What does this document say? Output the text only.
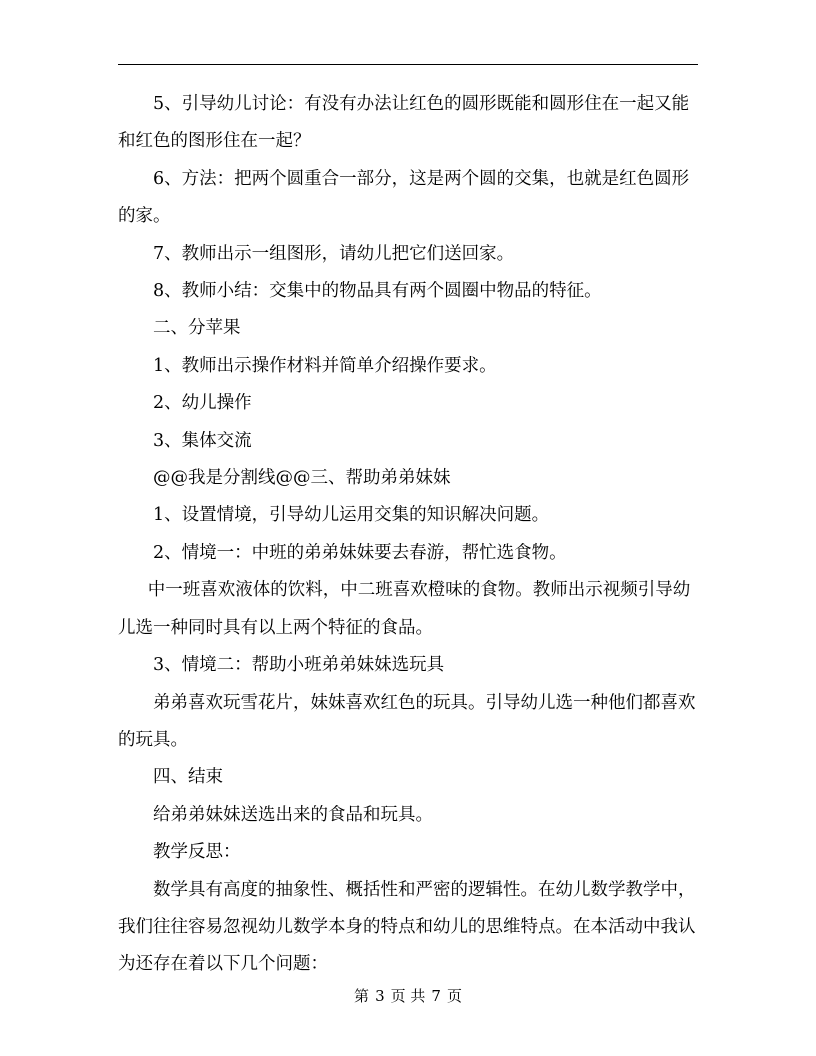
5、引导幼儿讨论：有没有办法让红色的圆形既能和圆形住在一起又能和红色的图形住在一起？

6、方法：把两个圆重合一部分，这是两个圆的交集，也就是红色圆形的家。

7、教师出示一组图形，请幼儿把它们送回家。

8、教师小结：交集中的物品具有两个圆圈中物品的特征。

二、分苹果

1、教师出示操作材料并简单介绍操作要求。

2、幼儿操作

3、集体交流

@@我是分割线@@三、帮助弟弟妹妹

1、设置情境，引导幼儿运用交集的知识解决问题。

2、情境一：中班的弟弟妹妹要去春游，帮忙选食物。

中一班喜欢液体的饮料，中二班喜欢橙味的食物。教师出示视频引导幼儿选一种同时具有以上两个特征的食品。

3、情境二：帮助小班弟弟妹妹选玩具

弟弟喜欢玩雪花片，妹妹喜欢红色的玩具。引导幼儿选一种他们都喜欢的玩具。

四、结束

给弟弟妹妹送选出来的食品和玩具。

教学反思：

数学具有高度的抽象性、概括性和严密的逻辑性。在幼儿数学教学中，我们往往容易忽视幼儿数学本身的特点和幼儿的思维特点。在本活动中我认为还存在着以下几个问题：

第 3 页 共 7 页
